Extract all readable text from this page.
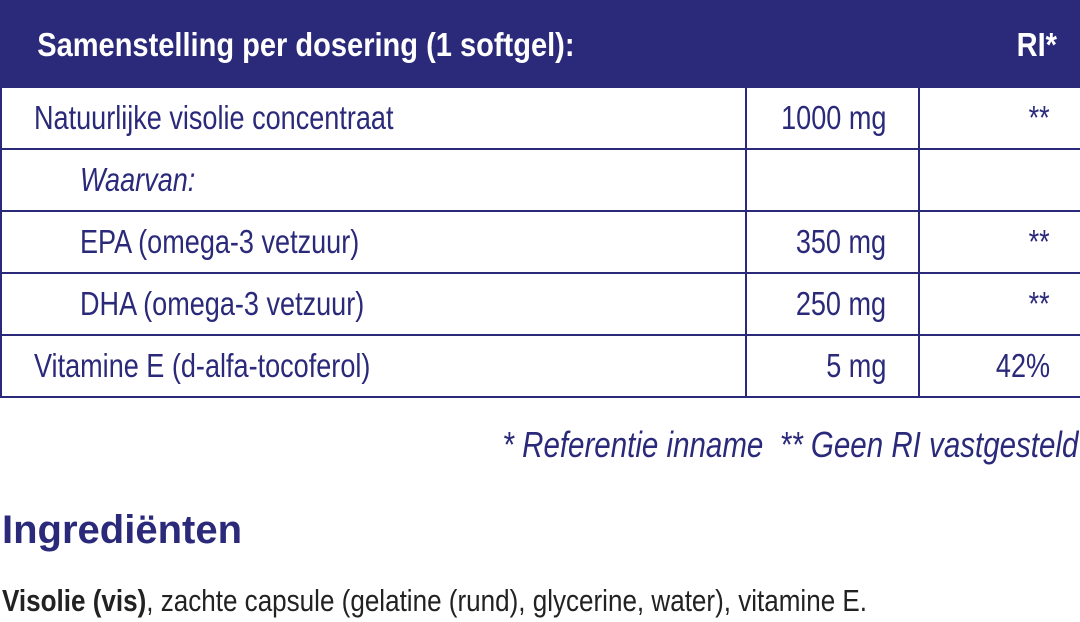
Samenstelling per dosering (1 softgel):		RI*
Natuurlijke visolie concentraat	1000 mg	**
Waarvan:		
EPA (omega-3 vetzuur)	350 mg	**
DHA (omega-3 vetzuur)	250 mg	**
Vitamine E (d-alfa-tocoferol)	5 mg	42%
* Referentie inname ** Geen RI vastgesteld
Ingrediënten
Visolie (vis), zachte capsule (gelatine (rund), glycerine, water), vitamine E.
